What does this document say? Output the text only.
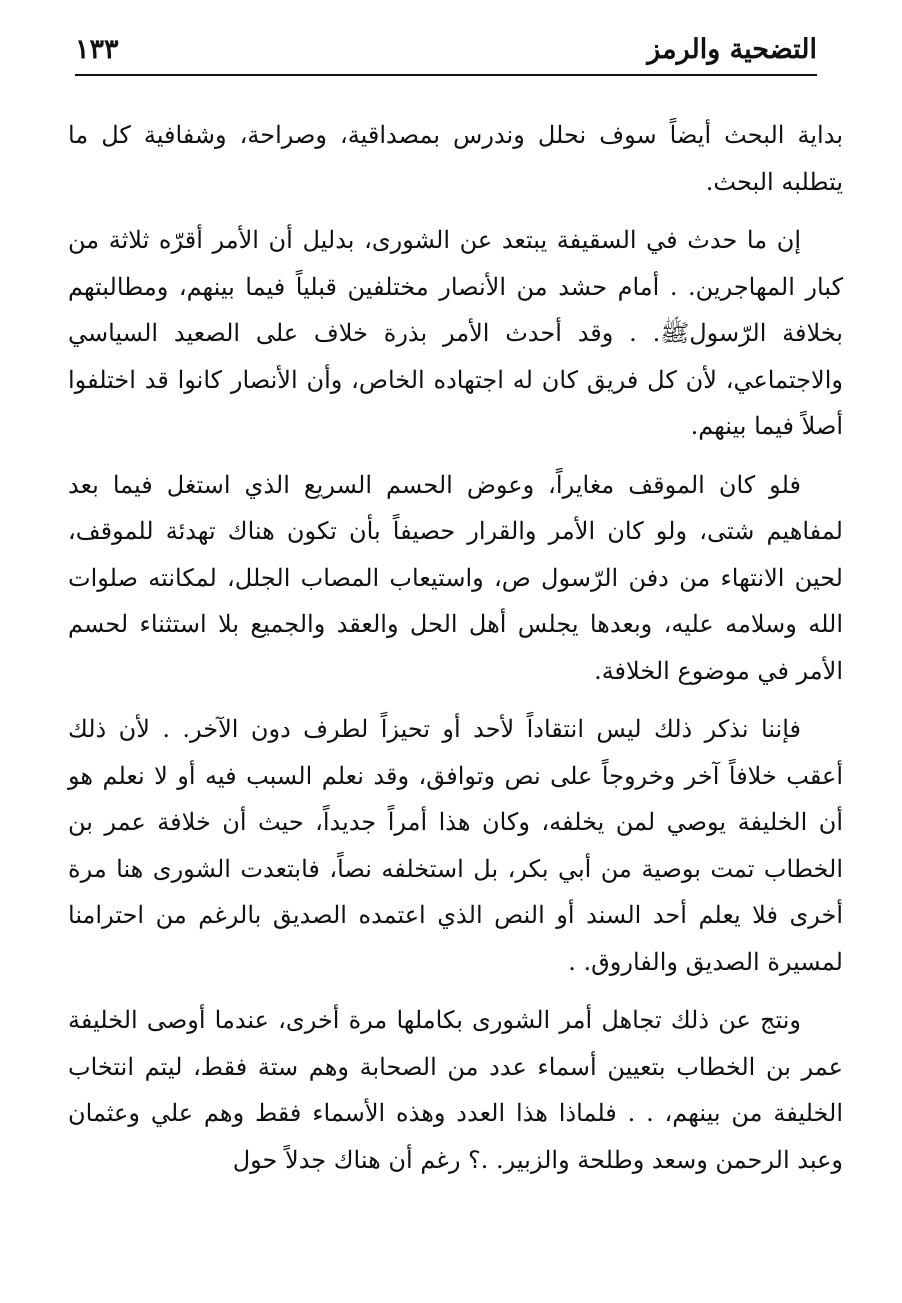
التضحية والرمز
١٣٣

بداية البحث أيضاً سوف نحلل وندرس بمصداقية، وصراحة، وشفافية كل ما يتطلبه البحث.

إن ما حدث في السقيفة يبتعد عن الشورى، بدليل أن الأمر أقرّه ثلاثة من كبار المهاجرين. . أمام حشد من الأنصار مختلفين قبلياً فيما بينهم، ومطالبتهم بخلافة الرّسولﷺ. . وقد أحدث الأمر بذرة خلاف على الصعيد السياسي والاجتماعي، لأن كل فريق كان له اجتهاده الخاص، وأن الأنصار كانوا قد اختلفوا أصلاً فيما بينهم.

فلو كان الموقف مغايراً، وعوض الحسم السريع الذي استغل فيما بعد لمفاهيم شتى، ولو كان الأمر والقرار حصيفاً بأن تكون هناك تهدئة للموقف، لحين الانتهاء من دفن الرّسول ص، واستيعاب المصاب الجلل، لمكانته صلوات الله وسلامه عليه، وبعدها يجلس أهل الحل والعقد والجميع بلا استثناء لحسم الأمر في موضوع الخلافة.

فإننا نذكر ذلك ليس انتقاداً لأحد أو تحيزاً لطرف دون الآخر. . لأن ذلك أعقب خلافاً آخر وخروجاً على نص وتوافق، وقد نعلم السبب فيه أو لا نعلم هو أن الخليفة يوصي لمن يخلفه، وكان هذا أمراً جديداً، حيث أن خلافة عمر بن الخطاب تمت بوصية من أبي بكر، بل استخلفه نصاً، فابتعدت الشورى هنا مرة أخرى فلا يعلم أحد السند أو النص الذي اعتمده الصديق بالرغم من احترامنا لمسيرة الصديق والفاروق. .

ونتج عن ذلك تجاهل أمر الشورى بكاملها مرة أخرى، عندما أوصى الخليفة عمر بن الخطاب بتعيين أسماء عدد من الصحابة وهم ستة فقط، ليتم انتخاب الخليفة من بينهم، . . فلماذا هذا العدد وهذه الأسماء فقط وهم علي وعثمان وعبد الرحمن وسعد وطلحة والزبير. .؟ رغم أن هناك جدلاً حول
